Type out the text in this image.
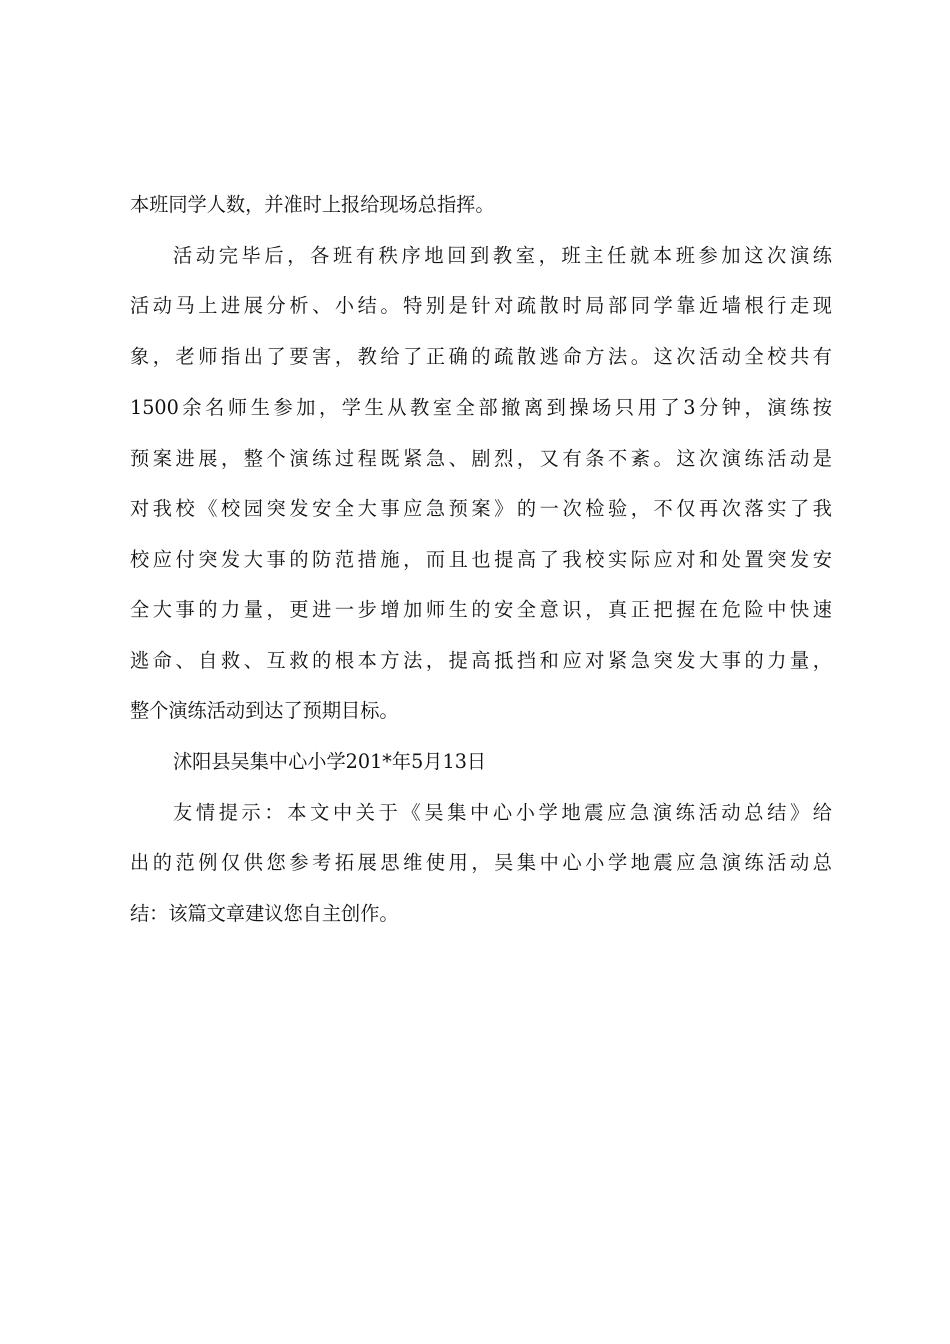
本班同学人数，并准时上报给现场总指挥。
活动完毕后，各班有秩序地回到教室，班主任就本班参加这次演练
活动马上进展分析、小结。特别是针对疏散时局部同学靠近墙根行走现
象，老师指出了要害，教给了正确的疏散逃命方法。这次活动全校共有
1500余名师生参加，学生从教室全部撤离到操场只用了3分钟，演练按
预案进展，整个演练过程既紧急、剧烈，又有条不紊。这次演练活动是
对我校《校园突发安全大事应急预案》的一次检验，不仅再次落实了我
校应付突发大事的防范措施，而且也提高了我校实际应对和处置突发安
全大事的力量，更进一步增加师生的安全意识，真正把握在危险中快速
逃命、自救、互救的根本方法，提高抵挡和应对紧急突发大事的力量，
整个演练活动到达了预期目标。
沭阳县吴集中心小学201*年5月13日
友情提示：本文中关于《吴集中心小学地震应急演练活动总结》给
出的范例仅供您参考拓展思维使用，吴集中心小学地震应急演练活动总
结：该篇文章建议您自主创作。
